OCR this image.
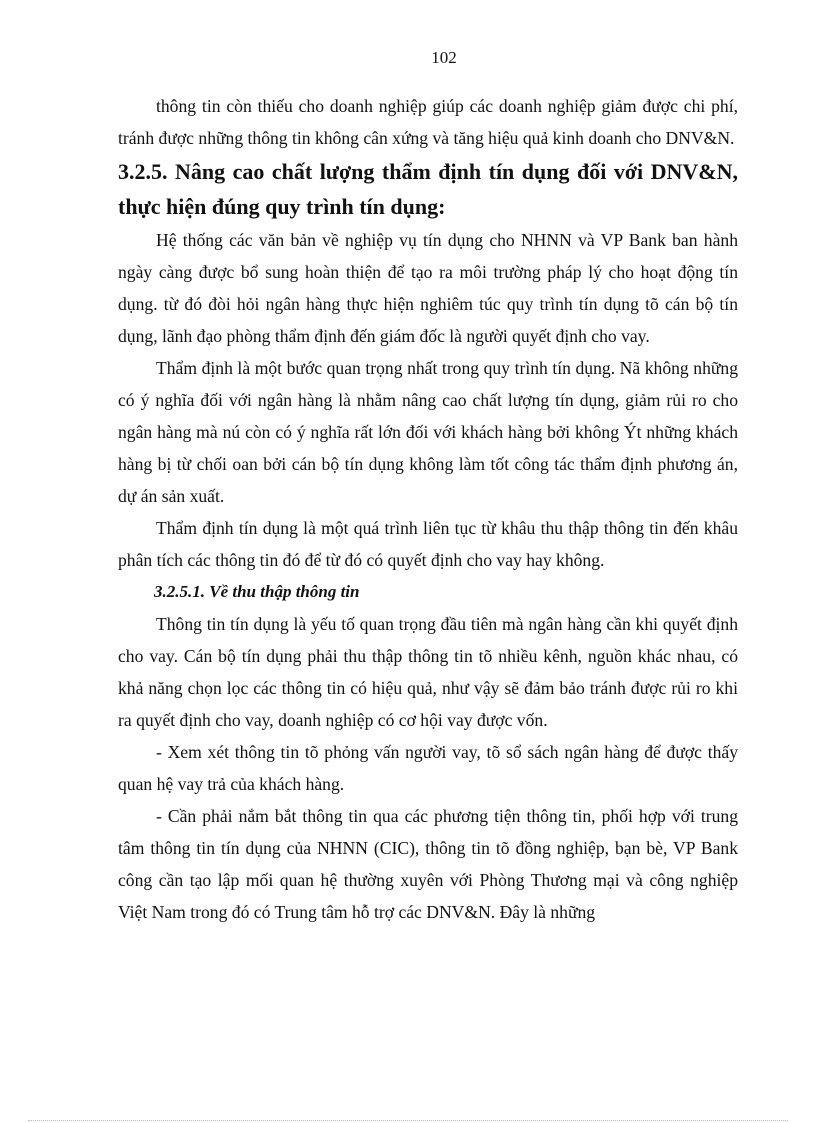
102

thông tin còn thiếu cho doanh nghiệp giúp các doanh nghiệp giảm được chi phí, tránh được những thông tin không cân xứng và tăng hiệu quả kinh doanh cho DNV&N.

3.2.5. Nâng cao chất lượng thẩm định tín dụng đối với DNV&N, thực hiện đúng quy trình tín dụng:

Hệ thống các văn bản về nghiệp vụ tín dụng cho NHNN và VP Bank ban hành ngày càng được bổ sung hoàn thiện để tạo ra môi trường pháp lý cho hoạt động tín dụng. từ đó đòi hỏi ngân hàng thực hiện nghiêm túc quy trình tín dụng tõ cán bộ tín dụng, lãnh đạo phòng thẩm định đến giám đốc là người quyết định cho vay.

Thẩm định là một bước quan trọng nhất trong quy trình tín dụng. Nã không những có ý nghĩa đối với ngân hàng là nhằm nâng cao chất lượng tín dụng, giảm rủi ro cho ngân hàng mà nú còn có ý nghĩa rất lớn đối với khách hàng bởi không Ýt những khách hàng bị từ chối oan bởi cán bộ tín dụng không làm tốt công tác thẩm định phương án, dự án sản xuất.

Thẩm định tín dụng là một quá trình liên tục từ khâu thu thập thông tin đến khâu phân tích các thông tin đó để từ đó có quyết định cho vay hay không.

3.2.5.1. Về thu thập thông tin

Thông tin tín dụng là yếu tố quan trọng đầu tiên mà ngân hàng cần khi quyết định cho vay. Cán bộ tín dụng phải thu thập thông tin tõ nhiều kênh, nguồn khác nhau, có khả năng chọn lọc các thông tin có hiệu quả, như vậy sẽ đảm bảo tránh được rủi ro khi ra quyết định cho vay, doanh nghiệp có cơ hội vay được vốn.

- Xem xét thông tin tõ phỏng vấn người vay, tõ sổ sách ngân hàng để được thấy quan hệ vay trả của khách hàng.

- Cần phải nắm bắt thông tin qua các phương tiện thông tin, phối hợp với trung tâm thông tin tín dụng của NHNN (CIC), thông tin tõ đồng nghiệp, bạn bè, VP Bank công cần tạo lập mối quan hệ thường xuyên với Phòng Thương mại và công nghiệp Việt Nam trong đó có Trung tâm hỗ trợ các DNV&N. Đây là những
